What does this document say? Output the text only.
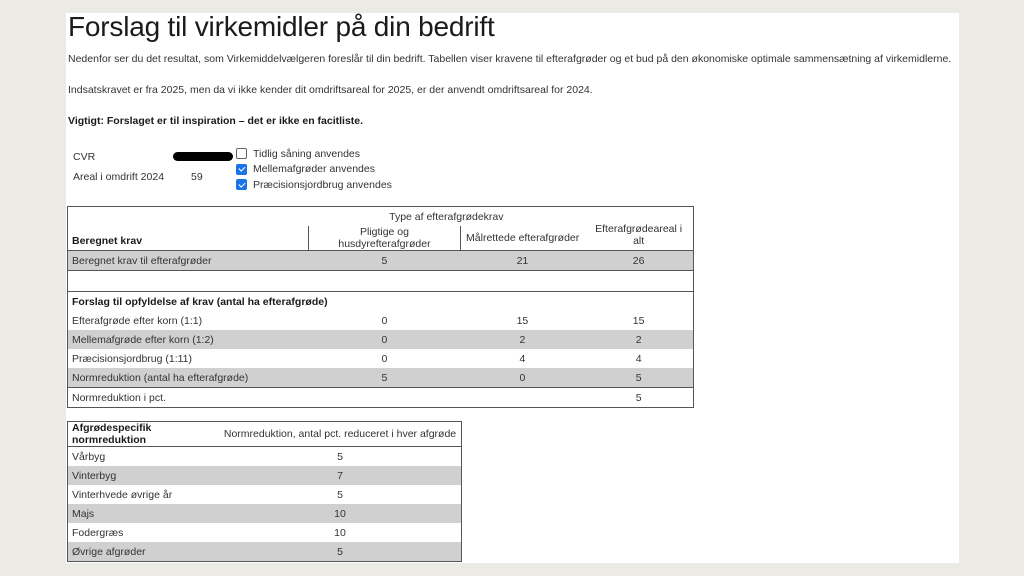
Forslag til virkemidler på din bedrift

Nedenfor ser du det resultat, som Virkemiddelvælgeren foreslår til din bedrift. Tabellen viser kravene til efterafgrøder og et bud på den økonomiske optimale sammensætning af virkemidlerne.

Indsatskravet er fra 2025, men da vi ikke kender dit omdriftsareal for 2025, er der anvendt omdriftsareal for 2024.

Vigtigt: Forslaget er til inspiration – det er ikke en facitliste.

CVR
Areal i omdrift 2024	59
Tidlig såning anvendes
Mellemafgrøder anvendes
Præcisionsjordbrug anvendes
Beregnet krav	Type af efterafgrødekrav		Efterafgrødeareal i alt
	Pligtige og husdyrefterafgrøder	Målrettede efterafgrøder	
Beregnet krav til efterafgrøder	5	21	26

Forslag til opfyldelse af krav (antal ha efterafgrøde)			
Efterafgrøde efter korn (1:1)	0	15	15
Mellemafgrøde efter korn (1:2)	0	2	2
Præcisionsjordbrug (1:11)	0	4	4
Normreduktion (antal ha efterafgrøde)	5	0	5
Normreduktion i pct.			5
Afgrødespecifik normreduktion	Normreduktion, antal pct. reduceret i hver afgrøde
Vårbyg	5
Vinterbyg	7
Vinterhvede øvrige år	5
Majs	10
Fodergræs	10
Øvrige afgrøder	5
